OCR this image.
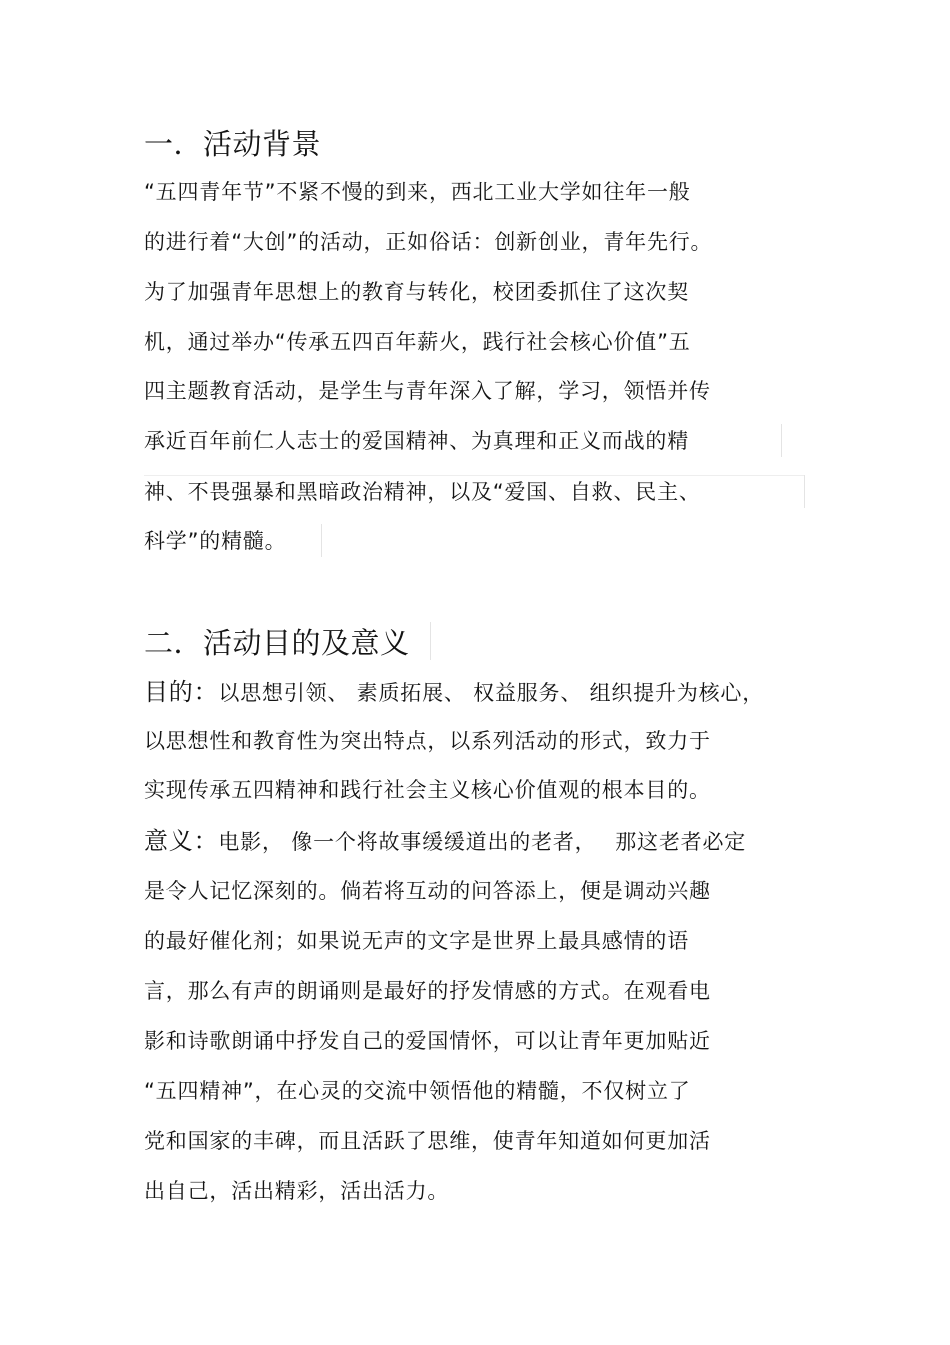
一．活动背景
“五四青年节”不紧不慢的到来，西北工业大学如往年一般
的进行着“大创”的活动，正如俗话：创新创业，青年先行。
为了加强青年思想上的教育与转化，校团委抓住了这次契
机，通过举办“传承五四百年薪火，践行社会核心价值”五
四主题教育活动，是学生与青年深入了解，学习，领悟并传
承近百年前仁人志士的爱国精神、为真理和正义而战的精
神、不畏强暴和黑暗政治精神，以及“爱国、自救、民主、
科学”的精髓。
二．活动目的及意义
目的：以思想引领、 素质拓展、 权益服务、 组织提升为核心，
以思想性和教育性为突出特点，以系列活动的形式，致力于
实现传承五四精神和践行社会主义核心价值观的根本目的。
意义：电影， 像一个将故事缓缓道出的老者，　 那这老者必定
是令人记忆深刻的。倘若将互动的问答添上，便是调动兴趣
的最好催化剂；如果说无声的文字是世界上最具感情的语
言，那么有声的朗诵则是最好的抒发情感的方式。在观看电
影和诗歌朗诵中抒发自己的爱国情怀，可以让青年更加贴近
“五四精神”，在心灵的交流中领悟他的精髓，不仅树立了
党和国家的丰碑，而且活跃了思维，使青年知道如何更加活
出自己，活出精彩，活出活力。
